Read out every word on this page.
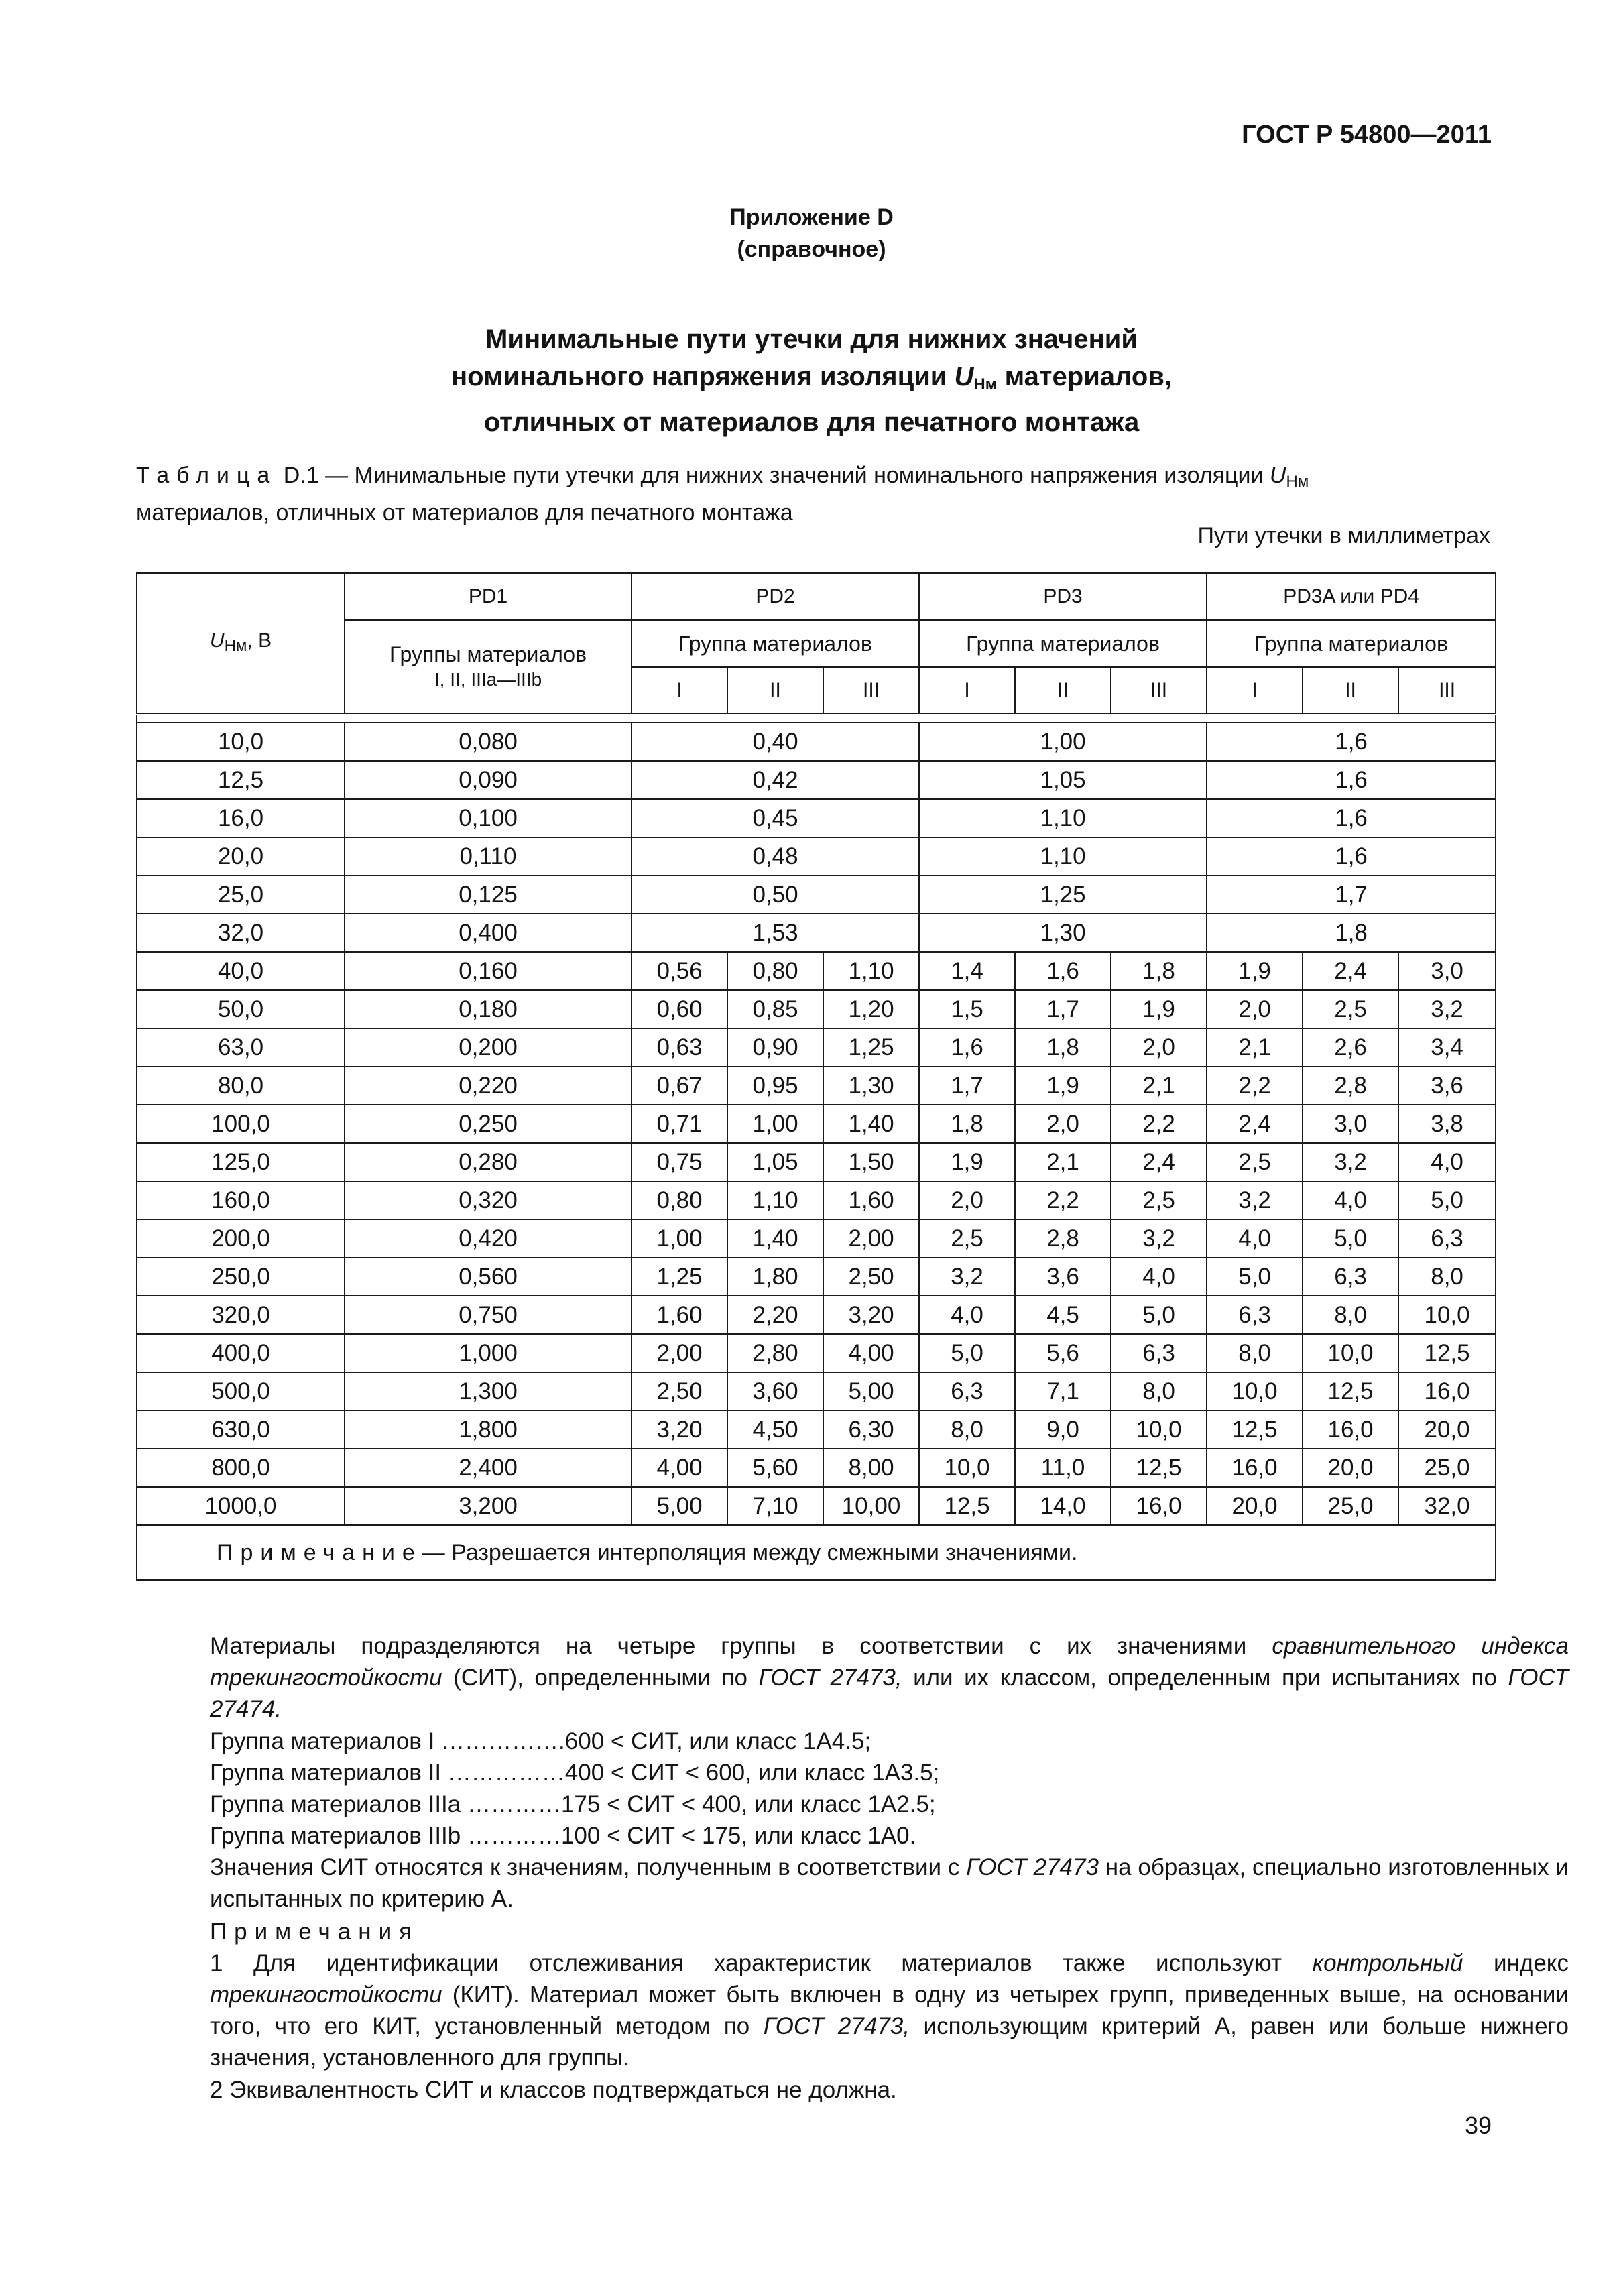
ГОСТ Р 54800—2011
Приложение D
(справочное)
Минимальные пути утечки для нижних значений
номинального напряжения изоляции $U_{Нм}$ материалов,
отличных от материалов для печатного монтажа
Таблица D.1 — Минимальные пути утечки для нижних значений номинального напряжения изоляции $U_{Нм}$
материалов, отличных от материалов для печатного монтажа
Пути утечки в миллиметрах
$U_{Нм}$, В	PD1	PD2			PD3			PD3A или PD4		

	Группы материалов
I, II, IIIa—IIIb	Группа материалов			Группа материалов			Группа материалов		
		I	II	III	I	II	III	I	II	III

10,0	0,080	0,40			1,00			1,6		
12,5	0,090	0,42			1,05			1,6		
16,0	0,100	0,45			1,10			1,6		
20,0	0,110	0,48			1,10			1,6		
25,0	0,125	0,50			1,25			1,7		
32,0	0,400	1,53			1,30			1,8		
40,0	0,160	0,56	0,80	1,10	1,4	1,6	1,8	1,9	2,4	3,0
50,0	0,180	0,60	0,85	1,20	1,5	1,7	1,9	2,0	2,5	3,2
63,0	0,200	0,63	0,90	1,25	1,6	1,8	2,0	2,1	2,6	3,4
80,0	0,220	0,67	0,95	1,30	1,7	1,9	2,1	2,2	2,8	3,6
100,0	0,250	0,71	1,00	1,40	1,8	2,0	2,2	2,4	3,0	3,8
125,0	0,280	0,75	1,05	1,50	1,9	2,1	2,4	2,5	3,2	4,0
160,0	0,320	0,80	1,10	1,60	2,0	2,2	2,5	3,2	4,0	5,0
200,0	0,420	1,00	1,40	2,00	2,5	2,8	3,2	4,0	5,0	6,3
250,0	0,560	1,25	1,80	2,50	3,2	3,6	4,0	5,0	6,3	8,0
320,0	0,750	1,60	2,20	3,20	4,0	4,5	5,0	6,3	8,0	10,0
400,0	1,000	2,00	2,80	4,00	5,0	5,6	6,3	8,0	10,0	12,5
500,0	1,300	2,50	3,60	5,00	6,3	7,1	8,0	10,0	12,5	16,0
630,0	1,800	3,20	4,50	6,30	8,0	9,0	10,0	12,5	16,0	20,0
800,0	2,400	4,00	5,60	8,00	10,0	11,0	12,5	16,0	20,0	25,0
1000,0	3,200	5,00	7,10	10,00	12,5	14,0	16,0	20,0	25,0	32,0
Примечание— Разрешается интерполяция между смежными значениями.										
Материалы подразделяются на четыре группы в соответствии с их значениями сравнительного индекса трекингостойкости (СИТ), определенными по ГОСТ 27473, или их классом, определенным при испытаниях по ГОСТ 27474.
Группа материалов I …………….600 < СИТ, или класс 1А4.5;
Группа материалов II ……………400 < СИТ < 600, или класс 1А3.5;
Группа материалов IIIa …………175 < СИТ < 400, или класс 1А2.5;
Группа материалов IIIb …………100 < СИТ < 175, или класс 1А0.
Значения СИТ относятся к значениям, полученным в соответствии с ГОСТ 27473 на образцах, специально изготовленных и испытанных по критерию А.
Примечания
1 Для идентификации отслеживания характеристик материалов также используют контрольный индекс трекингостойкости (КИТ). Материал может быть включен в одну из четырех групп, приведенных выше, на основании того, что его КИТ, установленный методом по ГОСТ 27473, использующим критерий А, равен или больше нижнего значения, установленного для группы.
2 Эквивалентность СИТ и классов подтверждаться не должна.
39
